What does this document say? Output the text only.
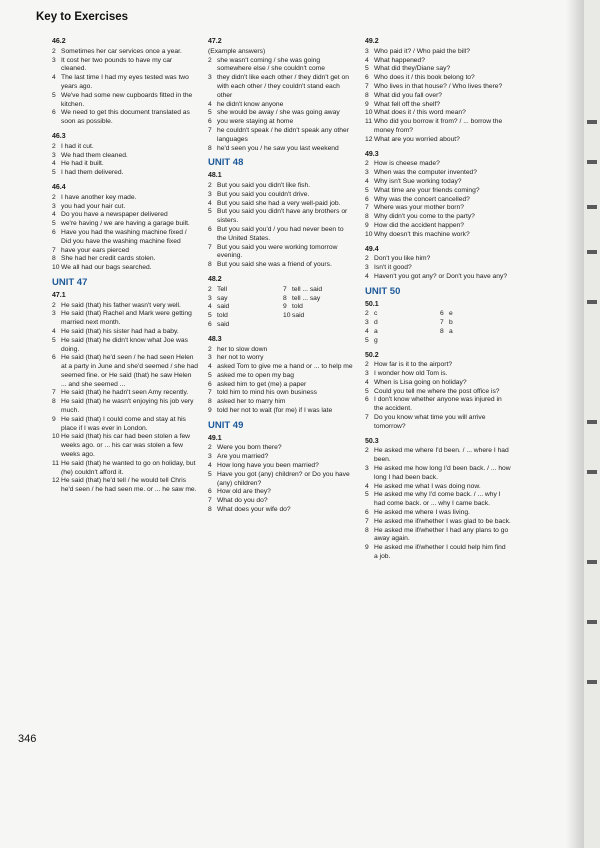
Key to Exercises
46.2
2 Sometimes her car services once a year.
3 It cost her two pounds to have my car cleaned.
4 The last time I had my eyes tested was two years ago.
5 We've had some new cupboards fitted in the kitchen.
6 We need to get this document translated as soon as possible.
46.3
2 I had it cut.
3 We had them cleaned.
4 He had it built.
5 I had them delivered.
46.4
2 I have another key made.
3 you had your hair cut.
4 Do you have a newspaper delivered
5 we're having / we are having a garage built.
6 Have you had the washing machine fixed / Did you have the washing machine fixed
7 have your ears pierced
8 She had her credit cards stolen.
10 We all had our bags searched.
UNIT 47
47.1
2 He said (that) his father wasn't very well.
3 He said (that) Rachel and Mark were getting married next month.
4 He said (that) his sister had had a baby.
5 He said (that) he didn't know what Joe was doing.
6 He said (that) he'd seen / he had seen Helen at a party in June and she'd seemed / she had seemed fine. or He said (that) he saw Helen ... and she seemed ...
7 He said (that) he hadn't seen Amy recently.
8 He said (that) he wasn't enjoying his job very much.
9 He said (that) I could come and stay at his place if I was ever in London.
10 He said (that) his car had been stolen a few weeks ago. or ... his car was stolen a few weeks ago.
11 He said (that) he wanted to go on holiday, but (he) couldn't afford it.
12 He said (that) he'd tell / he would tell Chris he'd seen / he had seen me. or ... he saw me.
47.2
(Example answers)
2 she wasn't coming / she was going somewhere else / she couldn't come
3 they didn't like each other / they didn't get on with each other / they couldn't stand each other
4 he didn't know anyone
5 she would be away / she was going away
6 you were staying at home
7 he couldn't speak / he didn't speak any other languages
8 he'd seen you / he saw you last weekend
UNIT 48
48.1
2 But you said you didn't like fish.
3 But you said you couldn't drive.
4 But you said she had a very well-paid job.
5 But you said you didn't have any brothers or sisters.
6 But you said you'd / you had never been to the United States.
7 But you said you were working tomorrow evening.
8 But you said she was a friend of yours.
48.2
2 Tell
3 say
4 said
5 told
6 said
7 tell ... said
8 tell ... say
9 told
10 said
48.3
2 her to slow down
3 her not to worry
4 asked Tom to give me a hand or ... to help me
5 asked me to open my bag
6 asked him to get (me) a paper
7 told him to mind his own business
8 asked her to marry him
9 told her not to wait (for me) if I was late
UNIT 49
49.1
2 Were you born there?
3 Are you married?
4 How long have you been married?
5 Have you got (any) children? or Do you have (any) children?
6 How old are they?
7 What do you do?
8 What does your wife do?
49.2
3 Who paid it? / Who paid the bill?
4 What happened?
5 What did they/Diane say?
6 Who does it / this book belong to?
7 Who lives in that house? / Who lives there?
8 What did you fall over?
9 What fell off the shelf?
10 What does it / this word mean?
11 Who did you borrow it from? / ... borrow the money from?
12 What are you worried about?
49.3
2 How is cheese made?
3 When was the computer invented?
4 Why isn't Sue working today?
5 What time are your friends coming?
6 Why was the concert cancelled?
7 Where was your mother born?
8 Why didn't you come to the party?
9 How did the accident happen?
10 Why doesn't this machine work?
49.4
2 Don't you like him?
3 Isn't it good?
4 Haven't you got any? or Don't you have any?
UNIT 50
50.1
2 c
3 d
4 a
5 g
6 e
7 b
8 a
50.2
2 How far is it to the airport?
3 I wonder how old Tom is.
4 When is Lisa going on holiday?
5 Could you tell me where the post office is?
6 I don't know whether anyone was injured in the accident.
7 Do you know what time you will arrive tomorrow?
50.3
2 He asked me where I'd been. / ... where I had been.
3 He asked me how long I'd been back. / ... how long I had been back.
4 He asked me what I was doing now.
5 He asked me why I'd come back. / ... why I had come back. or ... why I came back.
6 He asked me where I was living.
7 He asked me if/whether I was glad to be back.
8 He asked me if/whether I had any plans to go away again.
9 He asked me if/whether I could help him find a job.
346
